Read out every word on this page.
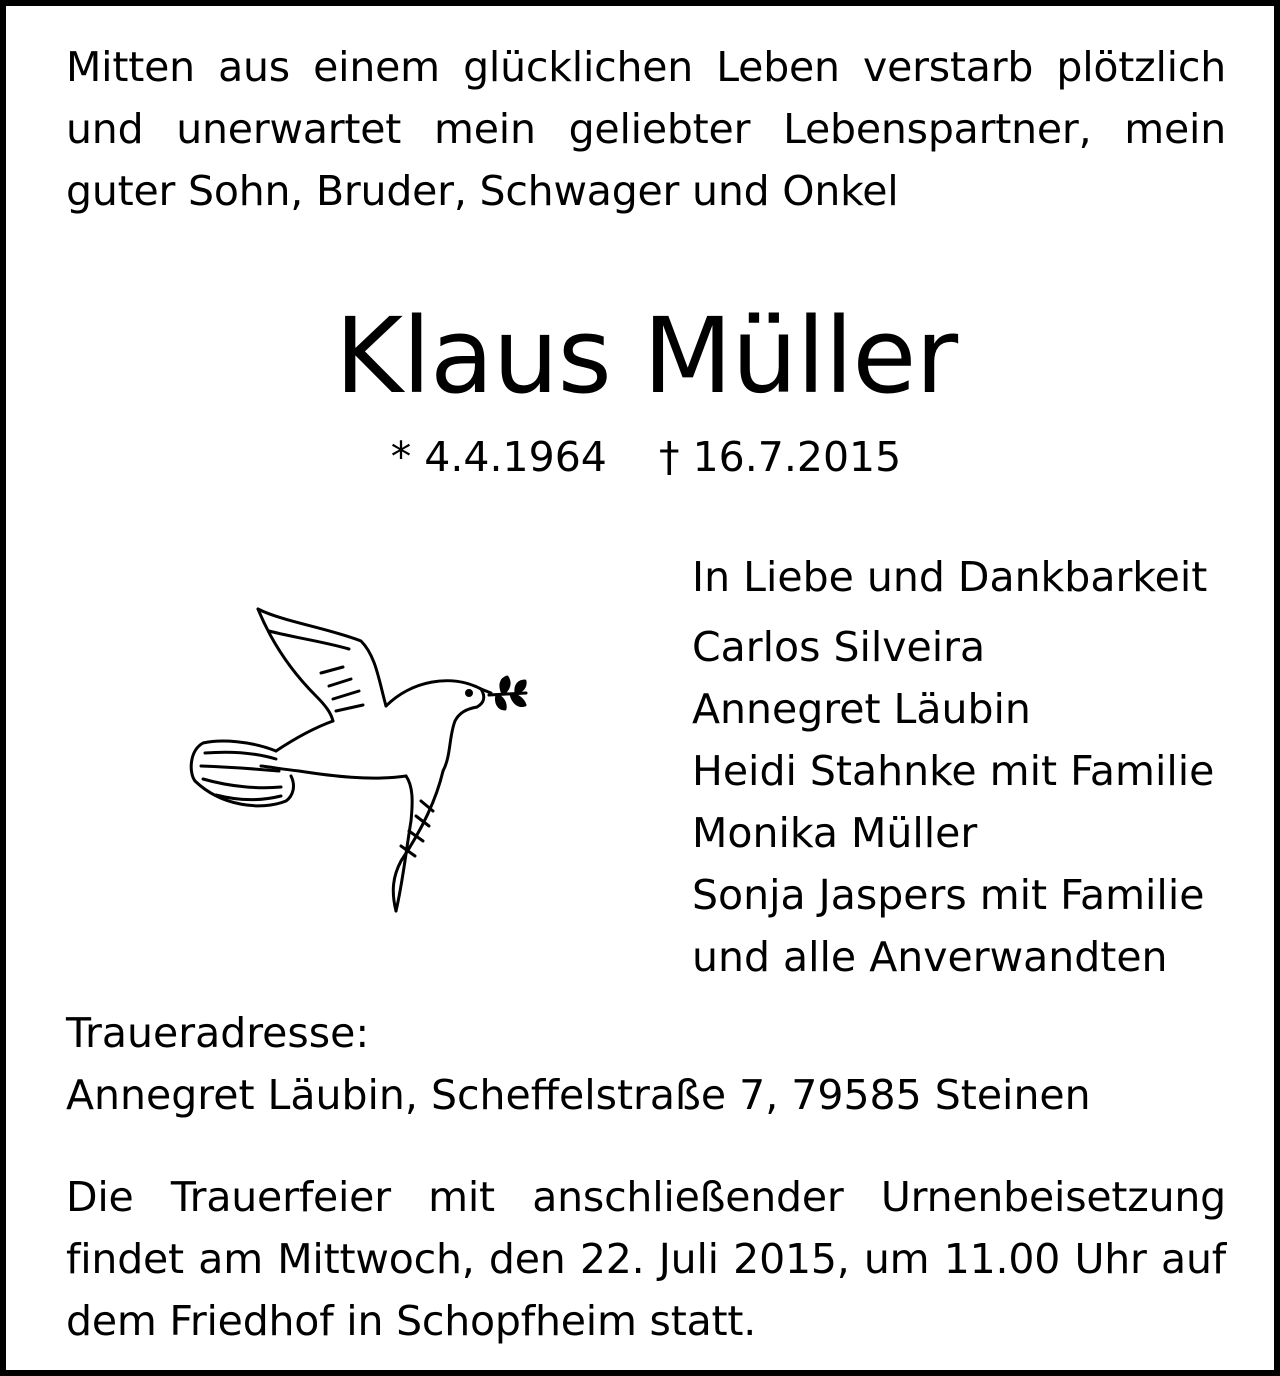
Mitten aus einem glücklichen Leben verstarb plötzlich und unerwartet mein geliebter Lebenspartner, mein guter Sohn, Bruder, Schwager und Onkel
Klaus Müller
* 4.4.1964 † 16.7.2015
In Liebe und Dankbarkeit
Carlos Silveira
Annegret Läubin
Heidi Stahnke mit Familie
Monika Müller
Sonja Jaspers mit Familie
und alle Anverwandten
Traueradresse:
Annegret Läubin, Scheffelstraße 7, 79585 Steinen
Die Trauerfeier mit anschließender Urnenbeisetzung findet am Mittwoch, den 22. Juli 2015, um 11.00 Uhr auf dem Friedhof in Schopfheim statt.
